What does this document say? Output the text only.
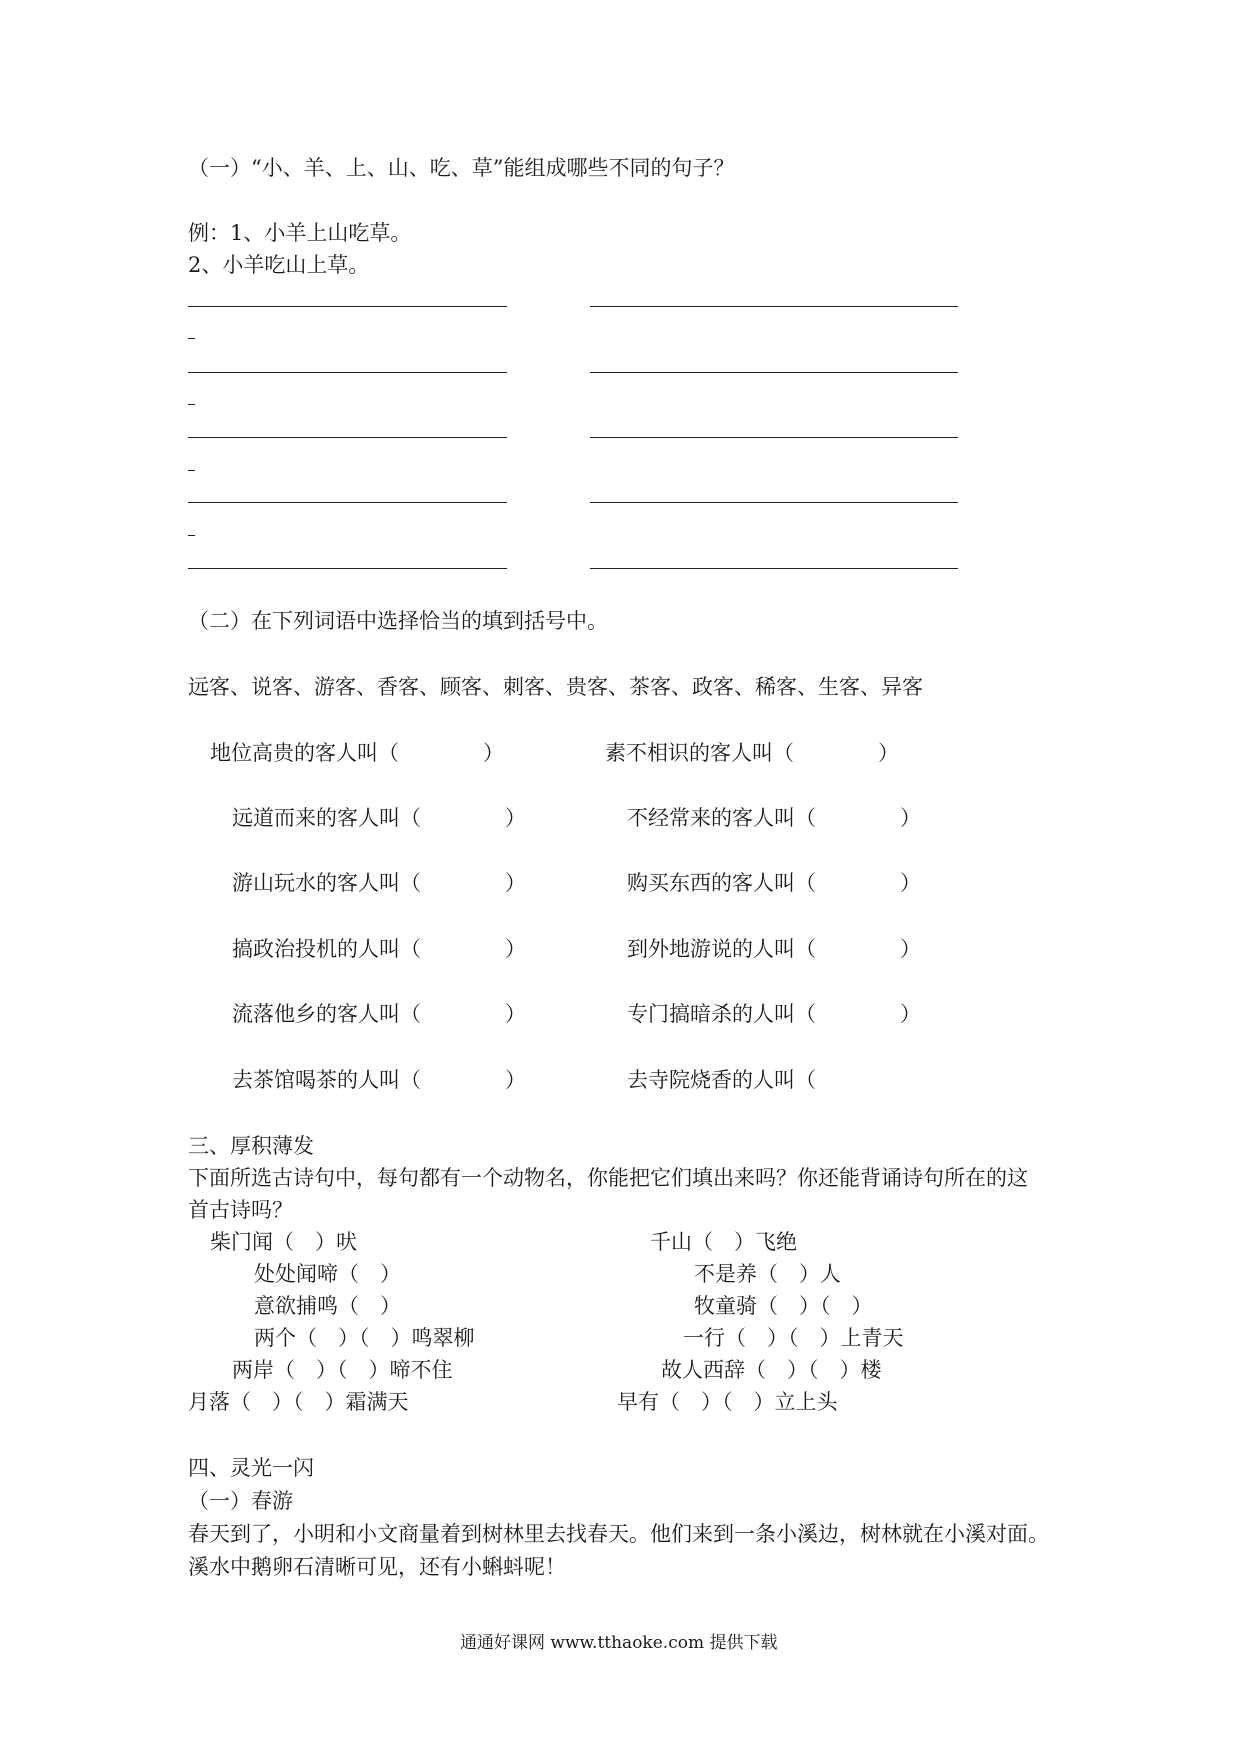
（一）“小、羊、上、山、吃、草”能组成哪些不同的句子？
例：1、小羊上山吃草。
2、小羊吃山上草。
（二）在下列词语中选择恰当的填到括号中。
远客、说客、游客、香客、顾客、刺客、贵客、茶客、政客、稀客、生客、异客
地位高贵的客人叫（　　　　）	素不相识的客人叫（　　　　）
远道而来的客人叫（　　　　）	不经常来的客人叫（　　　　）
游山玩水的客人叫（　　　　）	购买东西的客人叫（　　　　）
搞政治投机的人叫（　　　　）	到外地游说的人叫（　　　　）
流落他乡的客人叫（　　　　）	专门搞暗杀的人叫（　　　　）
去茶馆喝茶的人叫（　　　　）	去寺院烧香的人叫（
三、厚积薄发
下面所选古诗句中，每句都有一个动物名，你能把它们填出来吗？你还能背诵诗句所在的这
首古诗吗？
柴门闻（　）吠	千山（　）飞绝
处处闻啼（　）	不是养（　）人
意欲捕鸣（　）	牧童骑（　）（　）
两个（　）（　）鸣翠柳	一行（　）（　）上青天
两岸（　）（　）啼不住	故人西辞（　）（　）楼
月落（　）（　）霜满天	早有（　）（　）立上头
四、灵光一闪
（一）春游
春天到了，小明和小文商量着到树林里去找春天。他们来到一条小溪边，树林就在小溪对面。
溪水中鹅卵石清晰可见，还有小蝌蚪呢！
通通好课网 www.tthaoke.com 提供下载
